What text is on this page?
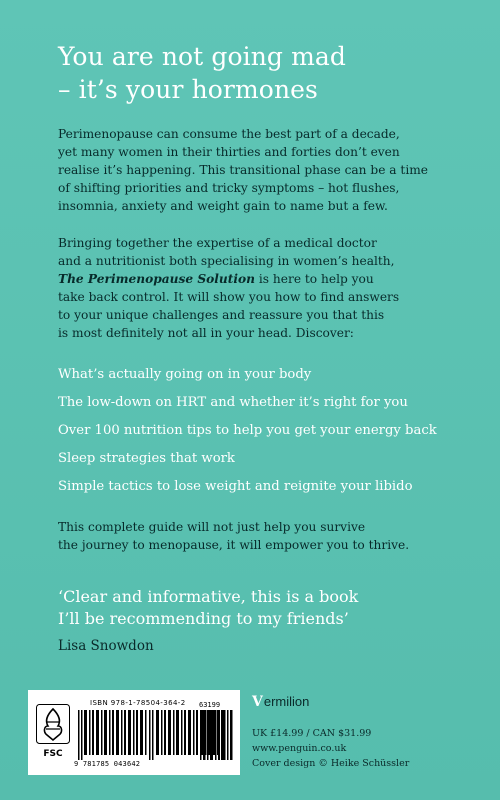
You are not going mad
– it’s your hormones
Perimenopause can consume the best part of a decade,
yet many women in their thirties and forties don’t even
realise it’s happening. This transitional phase can be a time
of shifting priorities and tricky symptoms – hot flushes,
insomnia, anxiety and weight gain to name but a few.
Bringing together the expertise of a medical doctor
and a nutritionist both specialising in women’s health,
The Perimenopause Solution is here to help you
take back control. It will show you how to find answers
to your unique challenges and reassure you that this
is most definitely not all in your head. Discover:
What’s actually going on in your body
The low-down on HRT and whether it’s right for you
Over 100 nutrition tips to help you get your energy back
Sleep strategies that work
Simple tactics to lose weight and reignite your libido
This complete guide will not just help you survive
the journey to menopause, it will empower you to thrive.
‘Clear and informative, this is a book
I’ll be recommending to my friends’
Lisa Snowdon
FSC
ISBN 978-1-78504-364-2
9 781785 043642
63199 Vermilion
UK £14.99 / CAN $31.99
www.penguin.co.uk
Cover design © Heike Schüssler
